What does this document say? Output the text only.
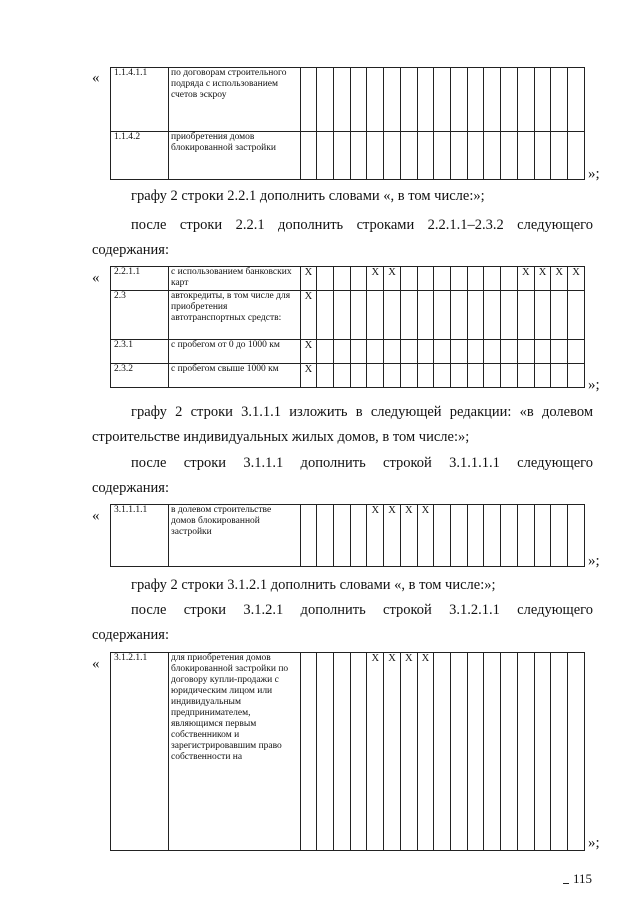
« 1.1.4.1.1	по договорам строительного подряда с использованием счетов эскроу																	
1.1.4.2	приобретения домов блокированной застройки																	
»;
графу 2 строки 2.2.1 дополнить словами «, в том числе:»;
после строки 2.2.1 дополнить строками 2.2.1.1–2.3.2 следующего
содержания:
« 2.2.1.1	с использованием банковских карт	X				X	X								X	X	X	X
2.3	автокредиты, в том числе для приобретения автотранспортных средств:	X																
2.3.1	с пробегом от 0 до 1000 км	X																
2.3.2	с пробегом свыше 1000 км	X																
»;
графу 2 строки 3.1.1.1 изложить в следующей редакции: «в долевом
строительстве индивидуальных жилых домов, в том числе:»;
после строки 3.1.1.1 дополнить строкой 3.1.1.1.1 следующего
содержания:
« 3.1.1.1.1	в долевом строительстве домов блокированной застройки					X	X	X	X									
»;
графу 2 строки 3.1.2.1 дополнить словами «, в том числе:»;
после строки 3.1.2.1 дополнить строкой 3.1.2.1.1 следующего
содержания:
« 3.1.2.1.1	для приобретения домов блокированной застройки по договору купли-продажи с юридическим лицом или индивидуальным предпринимателем, являющимся первым собственником и зарегистрировавшим право собственности на					X	X	X	X									
»;
115
